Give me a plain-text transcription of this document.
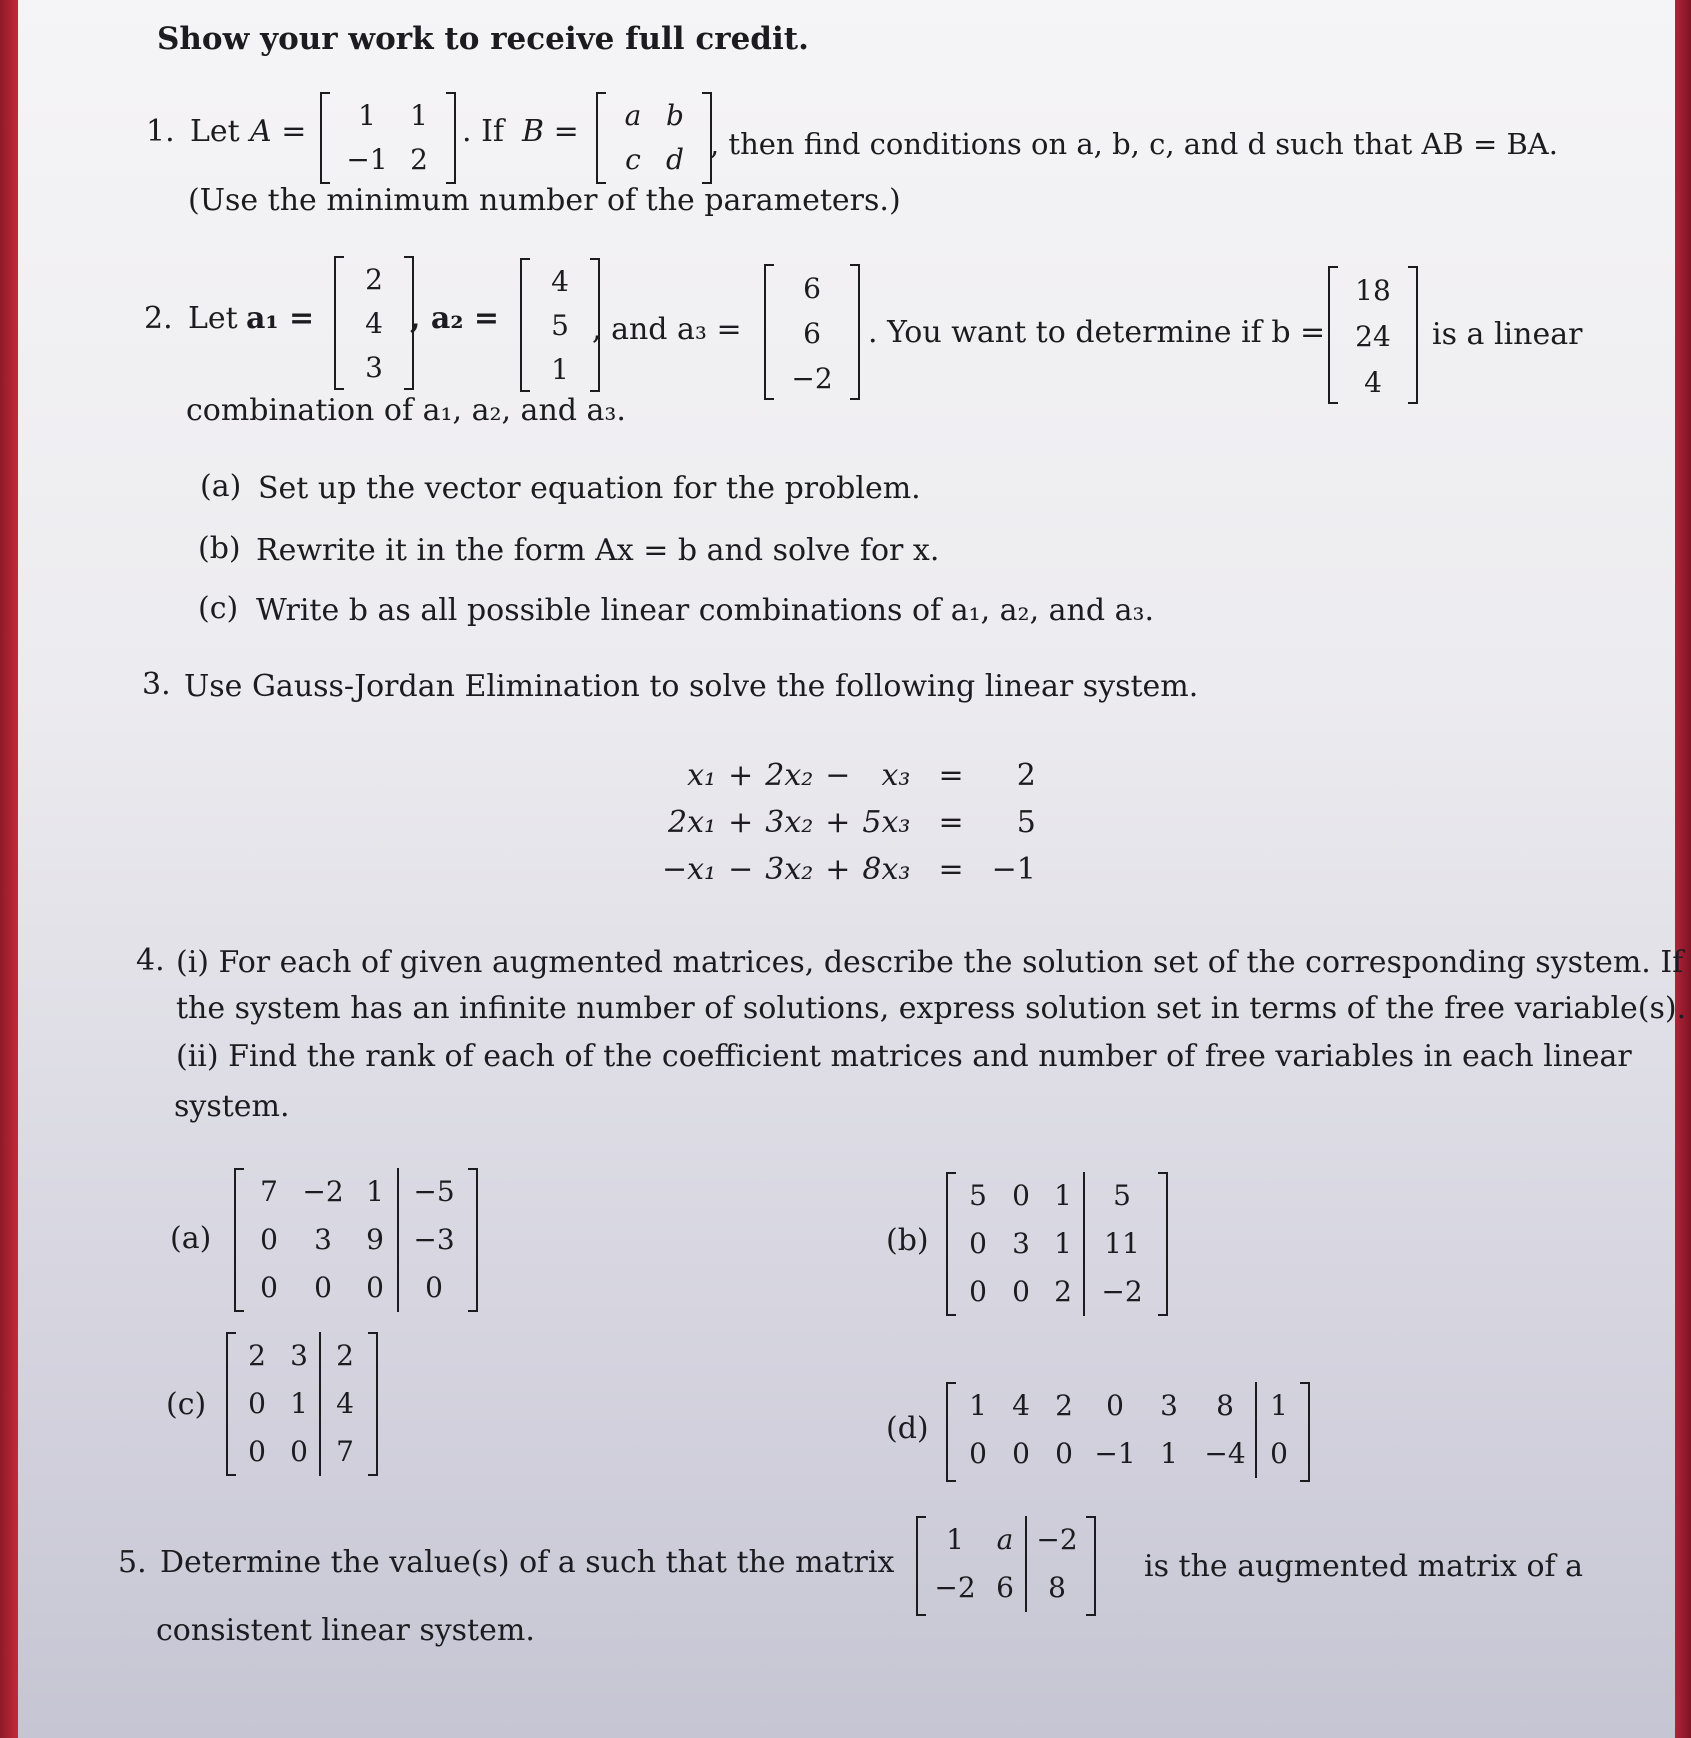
Show your work to receive full credit.
1. Let A = 1 1
−1 2
. If B = a b
c d , then find conditions on a, b, c, and d such that AB = BA.
(Use the minimum number of the parameters.)
2. Let a₁ =
2
4
3
, a₂ =
4
5
1
, and a₃ =
6
6
−2
. You want to determine if b =
18
24
4
is a linear
combination of a₁, a₂, and a₃.
(a) Set up the vector equation for the problem.
(b) Rewrite it in the form Ax = b and solve for x.
(c) Write b as all possible linear combinations of a₁, a₂, and a₃.
3. Use Gauss-Jordan Elimination to solve the following linear system.
x₁	+	2x₂	−	x₃	=	2
2x₁	+	3x₂	+	5x₃	=	5
−x₁	−	3x₂	+	8x₃	=	−1
4. (i) For each of given augmented matrices, describe the solution set of the corresponding system. If
the system has an infinite number of solutions, express solution set in terms of the free variable(s).
(ii) Find the rank of each of the coefficient matrices and number of free variables in each linear
system.
(a)
7 −2 1	−5
0 3 9	−3
0 0 0	0
(b)
5 0 1	5
0 3 1	11
0 0 2	−2
(c)
2 3	2
0 1	4
0 0	7
(d)
1 4 2 0 3 8	1
0 0 0 −1 1 −4 0
5. Determine the value(s) of a such that the matrix
1 a −2
−2 6	8
is the augmented matrix of a
consistent linear system.
